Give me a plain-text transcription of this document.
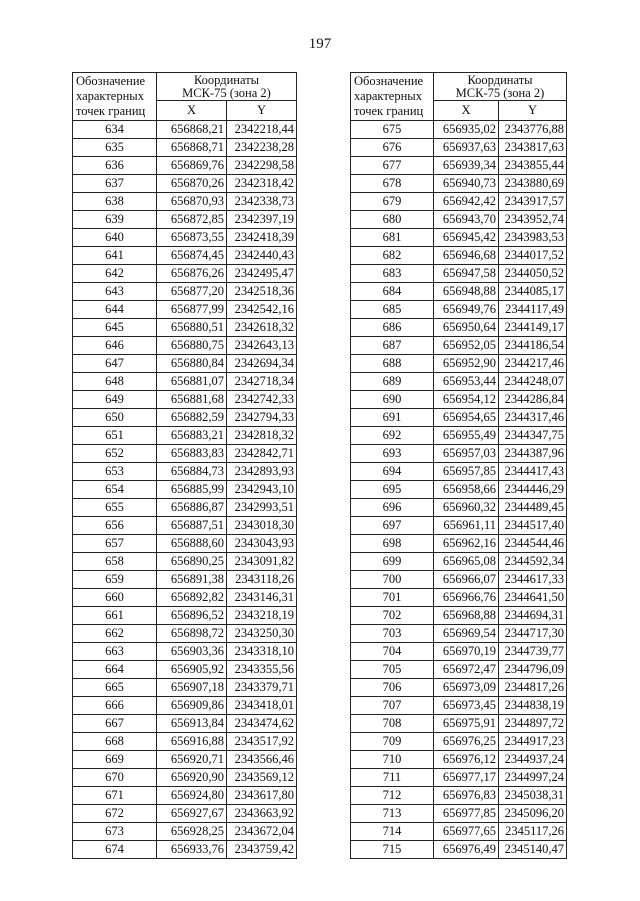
197
Обозначение
характерных
точек границ	Координаты
МСК-75 (зона 2)	
	X	Y
634	656868,21	2342218,44
635	656868,71	2342238,28
636	656869,76	2342298,58
637	656870,26	2342318,42
638	656870,93	2342338,73
639	656872,85	2342397,19
640	656873,55	2342418,39
641	656874,45	2342440,43
642	656876,26	2342495,47
643	656877,20	2342518,36
644	656877,99	2342542,16
645	656880,51	2342618,32
646	656880,75	2342643,13
647	656880,84	2342694,34
648	656881,07	2342718,34
649	656881,68	2342742,33
650	656882,59	2342794,33
651	656883,21	2342818,32
652	656883,83	2342842,71
653	656884,73	2342893,93
654	656885,99	2342943,10
655	656886,87	2342993,51
656	656887,51	2343018,30
657	656888,60	2343043,93
658	656890,25	2343091,82
659	656891,38	2343118,26
660	656892,82	2343146,31
661	656896,52	2343218,19
662	656898,72	2343250,30
663	656903,36	2343318,10
664	656905,92	2343355,56
665	656907,18	2343379,71
666	656909,86	2343418,01
667	656913,84	2343474,62
668	656916,88	2343517,92
669	656920,71	2343566,46
670	656920,90	2343569,12
671	656924,80	2343617,80
672	656927,67	2343663,92
673	656928,25	2343672,04
674	656933,76	2343759,42
Обозначение
характерных
точек границ	Координаты
МСК-75 (зона 2)	
	X	Y
675	656935,02	2343776,88
676	656937,63	2343817,63
677	656939,34	2343855,44
678	656940,73	2343880,69
679	656942,42	2343917,57
680	656943,70	2343952,74
681	656945,42	2343983,53
682	656946,68	2344017,52
683	656947,58	2344050,52
684	656948,88	2344085,17
685	656949,76	2344117,49
686	656950,64	2344149,17
687	656952,05	2344186,54
688	656952,90	2344217,46
689	656953,44	2344248,07
690	656954,12	2344286,84
691	656954,65	2344317,46
692	656955,49	2344347,75
693	656957,03	2344387,96
694	656957,85	2344417,43
695	656958,66	2344446,29
696	656960,32	2344489,45
697	656961,11	2344517,40
698	656962,16	2344544,46
699	656965,08	2344592,34
700	656966,07	2344617,33
701	656966,76	2344641,50
702	656968,88	2344694,31
703	656969,54	2344717,30
704	656970,19	2344739,77
705	656972,47	2344796,09
706	656973,09	2344817,26
707	656973,45	2344838,19
708	656975,91	2344897,72
709	656976,25	2344917,23
710	656976,12	2344937,24
711	656977,17	2344997,24
712	656976,83	2345038,31
713	656977,85	2345096,20
714	656977,65	2345117,26
715	656976,49	2345140,47
